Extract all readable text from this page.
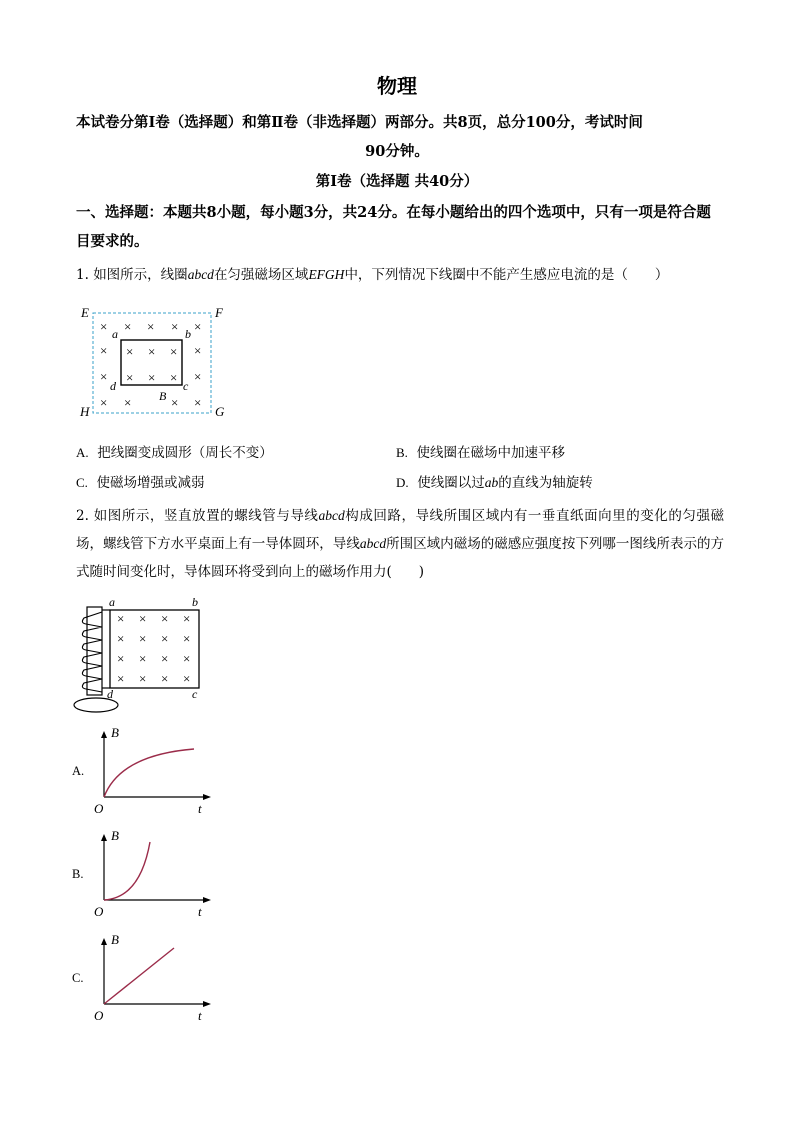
物理
本试卷分第Ⅰ卷（选择题）和第Ⅱ卷（非选择题）两部分。共8页，总分100分，考试时间
90分钟。
第Ⅰ卷（选择题 共40分）
一、选择题：本题共8小题，每小题3分，共24分。在每小题给出的四个选项中，只有一项是符合题目要求的。
1. 如图所示，线圈abcd在匀强磁场区域EFGH中，下列情况下线圈中不能产生感应电流的是（　　）
E	F
G
H
a	b
c
d
B
× × × × ×
×	×
×	×
× ×	× ×
× × ×
× × ×
A. 把线圈变成圆形（周长不变）	B. 使线圈在磁场中加速平移
C. 使磁场增强或减弱	D. 使线圈以过ab的直线为轴旋转
2. 如图所示，竖直放置的螺线管与导线abcd构成回路，导线所围区域内有一垂直纸面向里的变化的匀强磁场，螺线管下方水平桌面上有一导体圆环，导线abcd所围区域内磁场的磁感应强度按下列哪一图线所表示的方式随时间变化时，导体圆环将受到向上的磁场作用力(　　)
a	b
c
d
× × × ×
× × × ×
× × × ×
× × × ×
A.
B
t
O
B.
B
t
O
C.
B
t
O
